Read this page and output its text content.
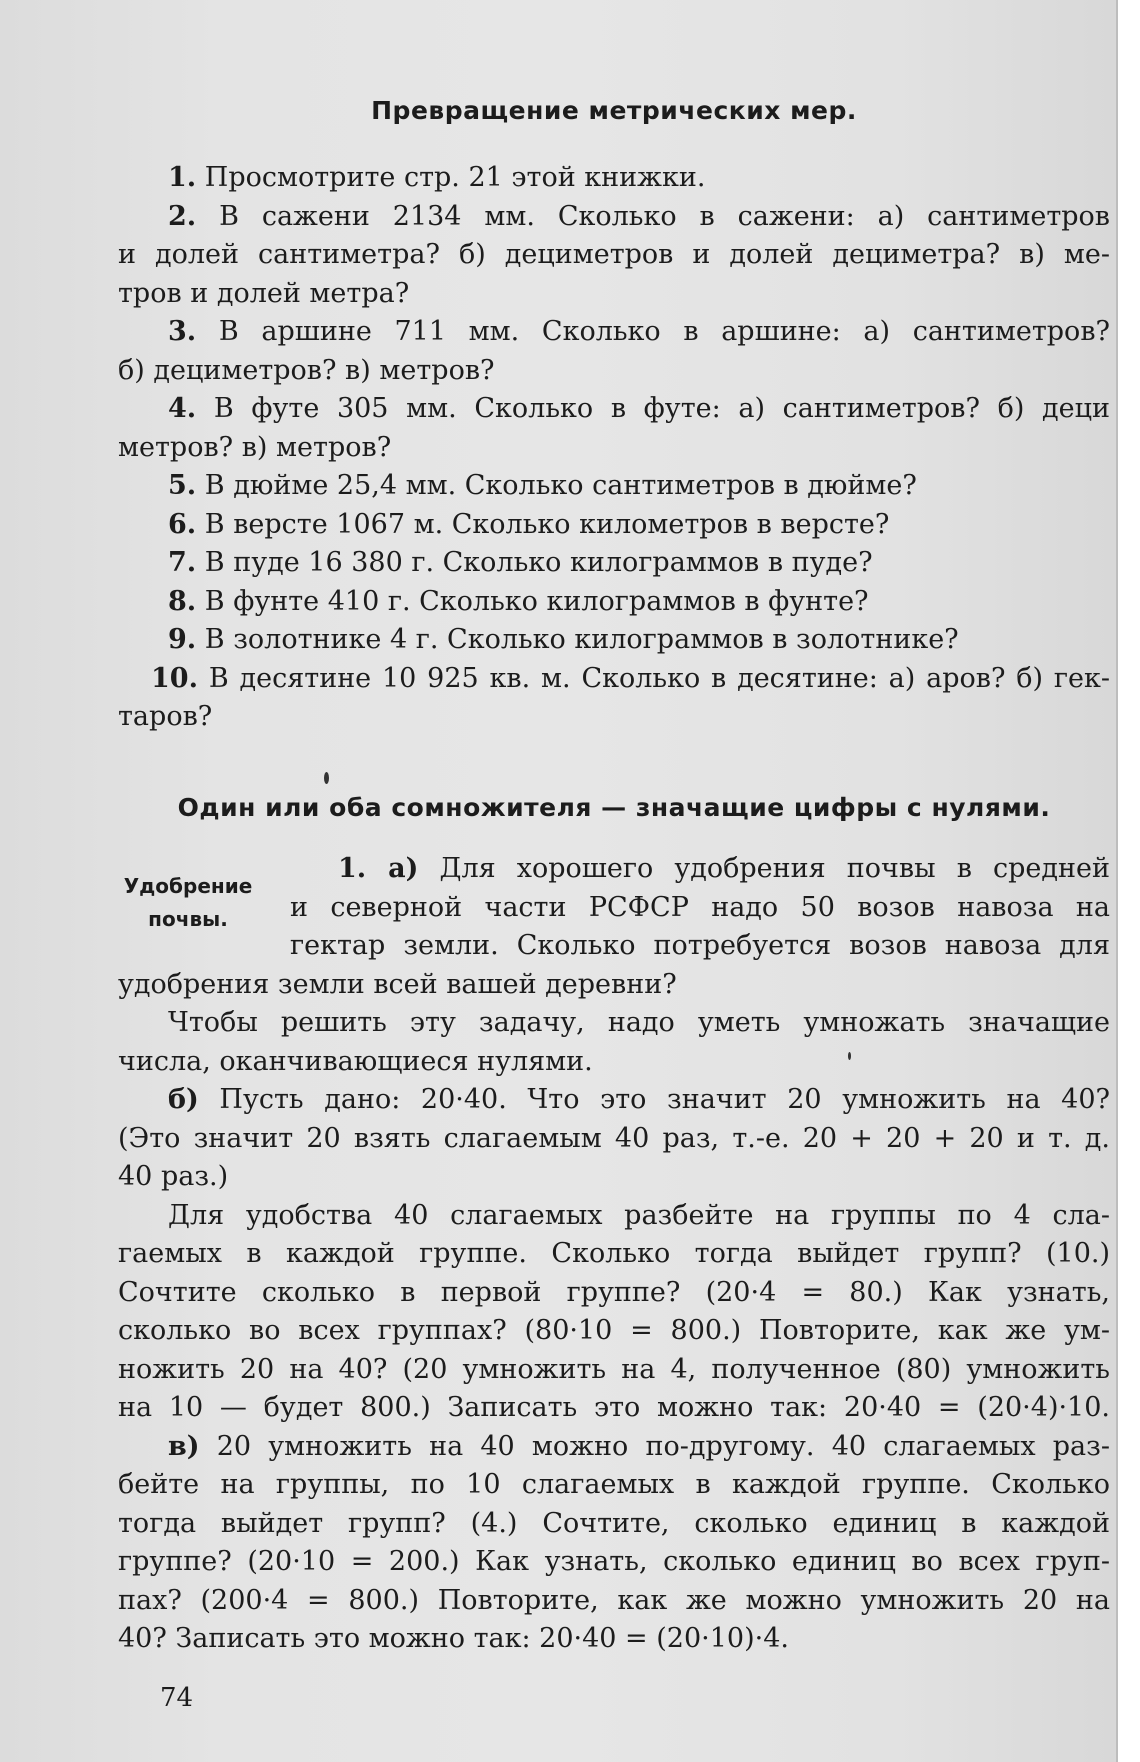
Превращение метрических мер.
1. Просмотрите стр. 21 этой книжки.
2. В сажени 2134 мм. Сколько в сажени: а) сантиметров
и долей сантиметра? б) дециметров и долей дециметра? в) ме-
тров и долей метра?
3. В аршине 711 мм. Сколько в аршине: а) сантиметров?
б) дециметров? в) метров?
4. В футе 305 мм. Сколько в футе: а) сантиметров? б) деци
метров? в) метров?
5. В дюйме 25,4 мм. Сколько сантиметров в дюйме?
6. В версте 1067 м. Сколько километров в версте?
7. В пуде 16 380 г. Сколько килограммов в пуде?
8. В фунте 410 г. Сколько килограммов в фунте?
9. В золотнике 4 г. Сколько килограммов в золотнике?
10. В десятине 10 925 кв. м. Сколько в десятине: а) аров? б) гек-
таров?
Один или оба сомножителя — значащие цифры с нулями.
Удобрение
почвы.
1. а) Для хорошего удобрения почвы в средней
и северной части РСФСР надо 50 возов навоза на
гектар земли. Сколько потребуется возов навоза для
удобрения земли всей вашей деревни?
Чтобы решить эту задачу, надо уметь умножать значащие
числа, оканчивающиеся нулями.
б) Пусть дано: 20·40. Что это значит 20 умножить на 40?
(Это значит 20 взять слагаемым 40 раз, т.-е. 20 + 20 + 20 и т. д.
40 раз.)
Для удобства 40 слагаемых разбейте на группы по 4 сла-
гаемых в каждой группе. Сколько тогда выйдет групп? (10.)
Сочтите сколько в первой группе? (20·4 = 80.) Как узнать,
сколько во всех группах? (80·10 = 800.) Повторите, как же ум-
ножить 20 на 40? (20 умножить на 4, полученное (80) умножить
на 10 — будет 800.) Записать это можно так: 20·40 = (20·4)·10.
в) 20 умножить на 40 можно по-другому. 40 слагаемых раз-
бейте на группы, по 10 слагаемых в каждой группе. Сколько
тогда выйдет групп? (4.) Сочтите, сколько единиц в каждой
группе? (20·10 = 200.) Как узнать, сколько единиц во всех груп-
пах? (200·4 = 800.) Повторите, как же можно умножить 20 на
40? Записать это можно так: 20·40 = (20·10)·4.
74
